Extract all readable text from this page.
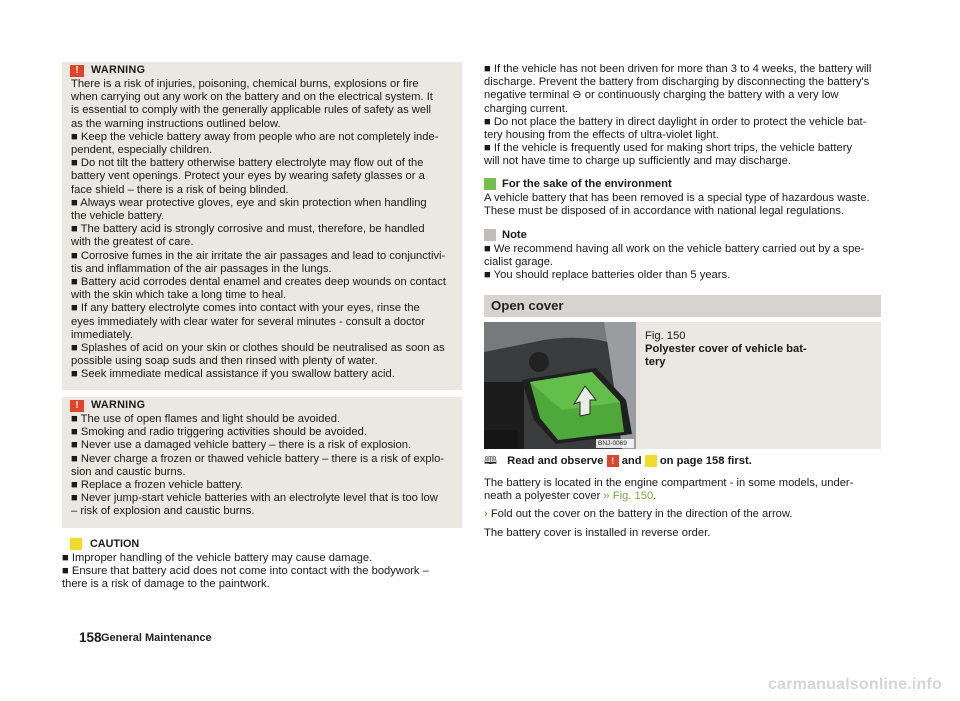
!	WARNING
There is a risk of injuries, poisoning, chemical burns, explosions or fire
when carrying out any work on the battery and on the electrical system. It
is essential to comply with the generally applicable rules of safety as well
as the warning instructions outlined below.
■ Keep the vehicle battery away from people who are not completely inde-
pendent, especially children.
■ Do not tilt the battery otherwise battery electrolyte may flow out of the
battery vent openings. Protect your eyes by wearing safety glasses or a
face shield – there is a risk of being blinded.
■ Always wear protective gloves, eye and skin protection when handling
the vehicle battery.
■ The battery acid is strongly corrosive and must, therefore, be handled
with the greatest of care.
■ Corrosive fumes in the air irritate the air passages and lead to conjunctivi-
tis and inflammation of the air passages in the lungs.
■ Battery acid corrodes dental enamel and creates deep wounds on contact
with the skin which take a long time to heal.
■ If any battery electrolyte comes into contact with your eyes, rinse the
eyes immediately with clear water for several minutes - consult a doctor
immediately.
■ Splashes of acid on your skin or clothes should be neutralised as soon as
possible using soap suds and then rinsed with plenty of water.
■ Seek immediate medical assistance if you swallow battery acid.
!	WARNING
■ The use of open flames and light should be avoided.
■ Smoking and radio triggering activities should be avoided.
■ Never use a damaged vehicle battery – there is a risk of explosion.
■ Never charge a frozen or thawed vehicle battery – there is a risk of explo-
sion and caustic burns.
■ Replace a frozen vehicle battery.
■ Never jump-start vehicle batteries with an electrolyte level that is too low
– risk of explosion and caustic burns.
CAUTION
■ Improper handling of the vehicle battery may cause damage.
■ Ensure that battery acid does not come into contact with the bodywork –
there is a risk of damage to the paintwork.
■ If the vehicle has not been driven for more than 3 to 4 weeks, the battery will
discharge. Prevent the battery from discharging by disconnecting the battery's
negative terminal ⊖ or continuously charging the battery with a very low
charging current.
■ Do not place the battery in direct daylight in order to protect the vehicle bat-
tery housing from the effects of ultra-violet light.
■ If the vehicle is frequently used for making short trips, the vehicle battery
will not have time to charge up sufficiently and may discharge.
For the sake of the environment
A vehicle battery that has been removed is a special type of hazardous waste.
These must be disposed of in accordance with national legal regulations.
Note
■ We recommend having all work on the vehicle battery carried out by a spe-
cialist garage.
■ You should replace batteries older than 5 years.
Open cover
BNJ-0069
Fig. 150
Polyester cover of vehicle bat-
tery
🕮 Read and observe ! and on page 158 first.
The battery is located in the engine compartment - in some models, under-
neath a polyester cover » Fig. 150.
› Fold out the cover on the battery in the direction of the arrow.
The battery cover is installed in reverse order.
158 General Maintenance
carmanualsonline.info
